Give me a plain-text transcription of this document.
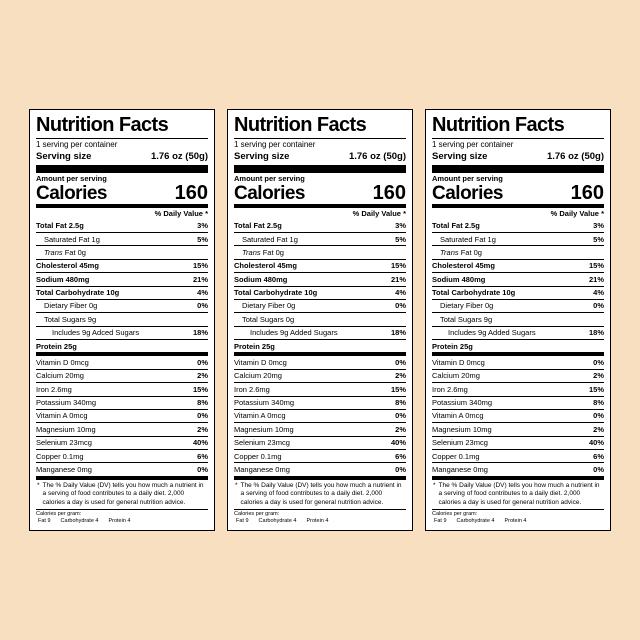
Nutrition Facts
1 serving per container
Serving size	1.76 oz (50g)
Amount per serving
Calories	160
% Daily Value *
Total Fat 2.5g	3%
Saturated Fat 1g	5%
Trans Fat 0g
Cholesterol 45mg	15%
Sodium 480mg	21%
Total Carbohydrate 10g	4%
Dietary Fiber 0g	0%
Total Sugars 9g
Includes 9g Adced Sugars	18%
Protein 25g
Vitamin D 0mcg	0%
Calcium 20mg	2%
Iron 2.6mg	15%
Potassium 340mg	8%
Vitamin A 0mcg	0%
Magnesium 10mg	2%
Selenium 23mcg	40%
Copper 0.1mg	6%
Manganese 0mg	0%
* The % Daily Value (DV) tells you how much a nutrient in a serving of food contributes to a daily diet. 2,000 calories a day is used for general nutrition advice.
Calories per gram:
Fat 9 Carbohydrate 4 Protein 4
Nutrition Facts
1 serving per container
Serving size	1.76 oz (50g)
Amount per serving
Calories	160
% Daily Value *
Total Fat 2.5g	3%
Saturated Fat 1g	5%
Trans Fat 0g
Cholesterol 45mg	15%
Sodium 480mg	21%
Total Carbohydrate 10g	4%
Dietary Fiber 0g	0%
Total Sugars 0g
Includes 9g Added Sugars	18%
Protein 25g
Vitamin D 0mcg	0%
Calcium 20mg	2%
Iron 2.6mg	15%
Potassium 340mg	8%
Vitamin A 0mcg	0%
Magnesium 10mg	2%
Selenium 23mcg	40%
Copper 0.1mg	6%
Manganese 0mg	0%
* The % Daily Value (DV) tells you how much a nutrient in a serving of food contributes to a daily diet. 2,000 calories a day is used for general nutrition advice.
Calories per gram:
Fat 9 Carbohydrate 4 Protein 4
Nutrition Facts
1 serving per container
Serving size	1.76 oz (50g)
Amount per serving
Calories	160
% Daily Value *
Total Fat 2.5g	3%
Saturated Fat 1g	5%
Trans Fat 0g
Cholesterol 45mg	15%
Sodium 480mg	21%
Total Carbohydrate 10g	4%
Dietary Fiber 0g	0%
Total Sugars 9g
Includes 9g Added Sugars	18%
Protein 25g
Vitamin D 0mcg	0%
Calcium 20mg	2%
Iron 2.6mg	15%
Potassium 340mg	8%
Vitamin A 0mcg	0%
Magnesium 10mg	2%
Selenium 23mcg	40%
Copper 0.1mg	6%
Manganese 0mg	0%
* The % Daily Value (DV) tells you how much a nutrient in a serving of food contributes to a daily diet. 2,000 calories a day is used for general nutrition advice.
Calories per gram:
Fat 9 Carbohydrate 4 Protein 4
